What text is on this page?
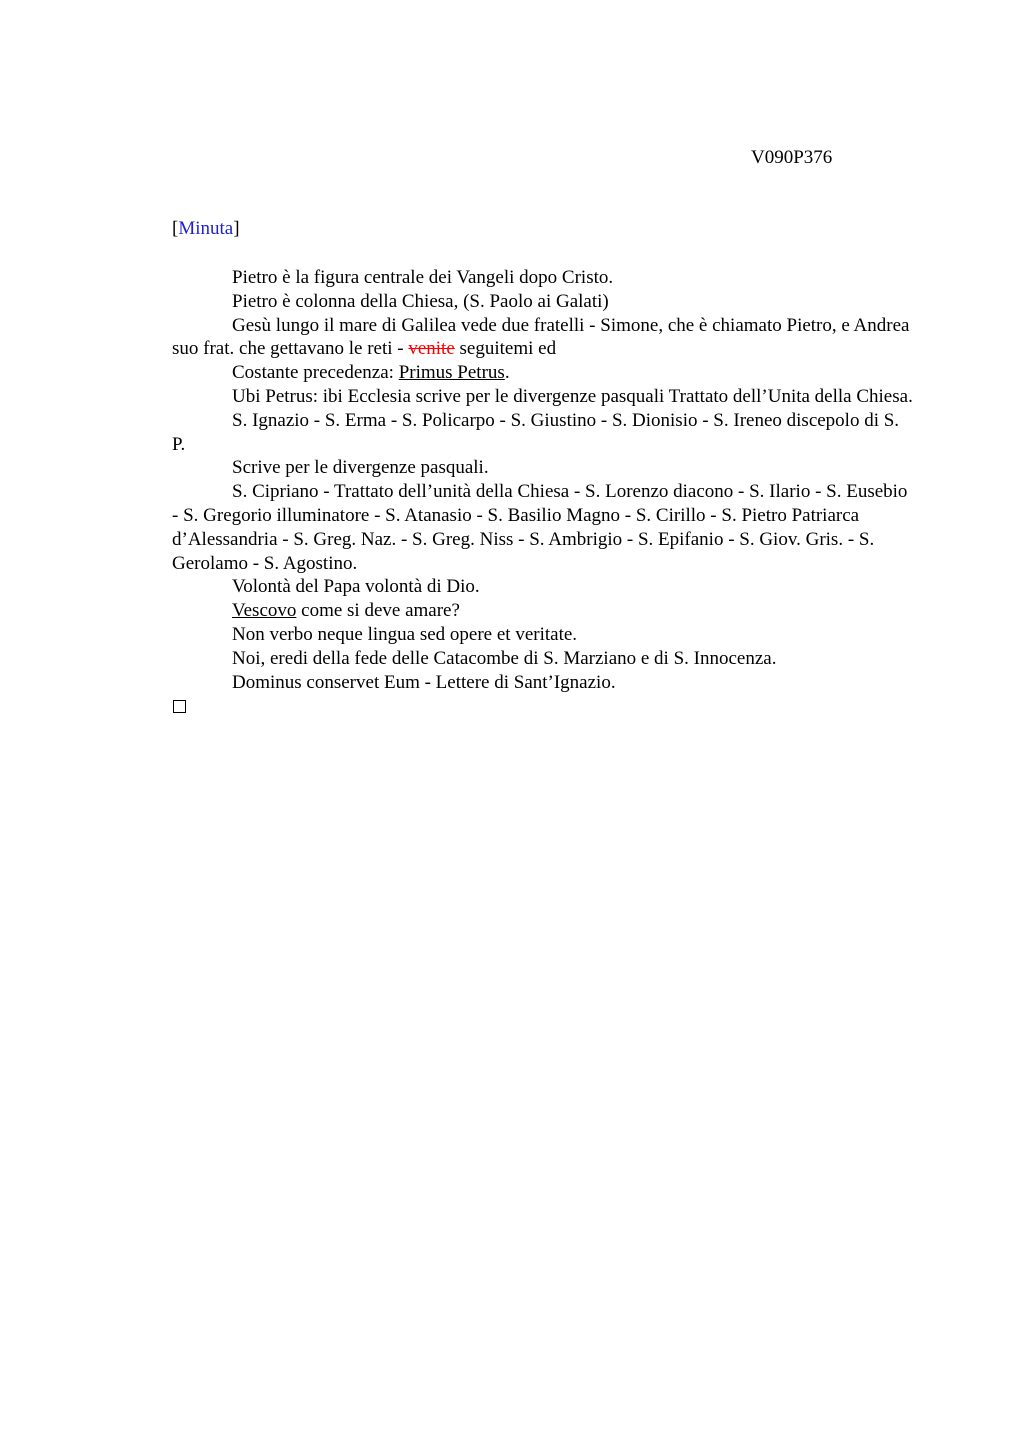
V090P376
[Minuta]

Pietro è la figura centrale dei Vangeli dopo Cristo.

Pietro è colonna della Chiesa, (S. Paolo ai Galati)

Gesù lungo il mare di Galilea vede due fratelli - Simone, che è chiamato Pietro, e Andrea suo frat. che gettavano le reti - venite seguitemi ed

Costante precedenza: Primus Petrus.

Ubi Petrus: ibi Ecclesia scrive per le divergenze pasquali Trattato dell’Unita della Chiesa.

S. Ignazio - S. Erma - S. Policarpo - S. Giustino - S. Dionisio - S. Ireneo discepolo di S. P.

Scrive per le divergenze pasquali.

S. Cipriano - Trattato dell’unità della Chiesa - S. Lorenzo diacono - S. Ilario - S. Eusebio - S. Gregorio illuminatore - S. Atanasio - S. Basilio Magno - S. Cirillo - S. Pietro Patriarca d’Alessandria - S. Greg. Naz. - S. Greg. Niss - S. Ambrigio - S. Epifanio - S. Giov. Gris. - S. Gerolamo - S. Agostino.

Volontà del Papa volontà di Dio.

Vescovo come si deve amare?

Non verbo neque lingua sed opere et veritate.

Noi, eredi della fede delle Catacombe di S. Marziano e di S. Innocenza.

Dominus conservet Eum - Lettere di Sant’Ignazio.
